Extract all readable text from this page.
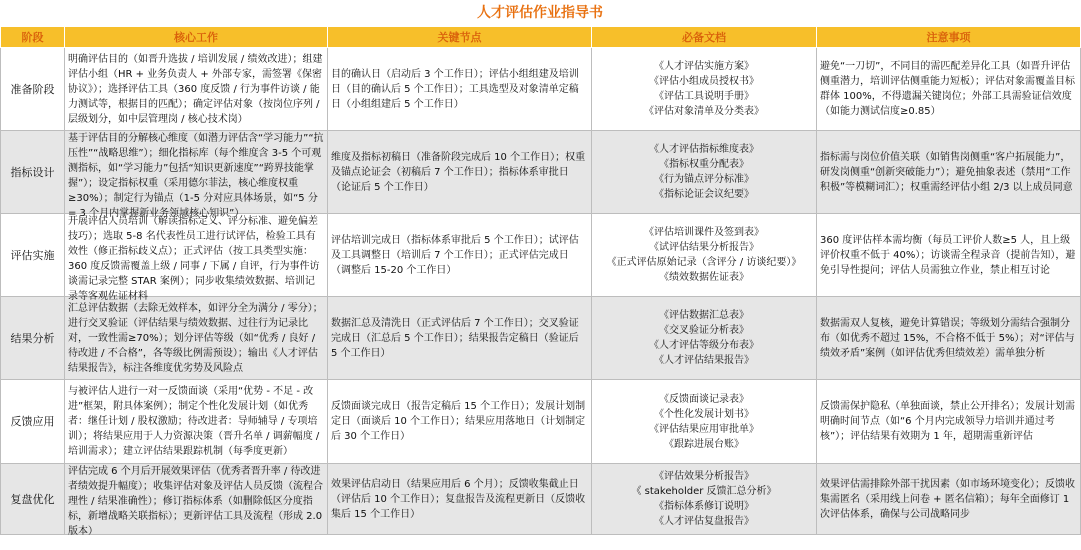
人才评估作业指导书
阶段	核心工作	关键节点	必备文档	注意事项
准备阶段	明确评估目的（如晋升选拔 / 培训发展 / 绩效改进）；组建评估小组（HR + 业务负责人 + 外部专家，需签署《保密协议》）；选择评估工具（360 度反馈 / 行为事件访谈 / 能力测试等，根据目的匹配）；确定评估对象（按岗位序列 / 层级划分，如中层管理岗 / 核心技术岗）	目的确认日（启动后 3 个工作日）；评估小组组建及培训日（目的确认后 5 个工作日）；工具选型及对象清单定稿日（小组组建后 5 个工作日）	《人才评估实施方案》
《评估小组成员授权书》
《评估工具说明手册》
《评估对象清单及分类表》	避免“一刀切”，不同目的需匹配差异化工具（如晋升评估侧重潜力，培训评估侧重能力短板）；评估对象需覆盖目标群体 100%，不得遗漏关键岗位；外部工具需验证信效度（如能力测试信度≥0.85）

指标设计	基于评估目的分解核心维度（如潜力评估含“学习能力”“抗压性”“战略思维”）；细化指标库（每个维度含 3-5 个可观测指标，如“学习能力”包括“知识更新速度”“跨界技能掌握”）；设定指标权重（采用德尔菲法，核心维度权重≥30%）；制定行为锚点（1-5 分对应具体场景，如“5 分 = 3 个月内掌握新业务领域核心知识”）	维度及指标初稿日（准备阶段完成后 10 个工作日）；权重及锚点论证会（初稿后 7 个工作日）；指标体系审批日（论证后 5 个工作日）	《人才评估指标维度表》
《指标权重分配表》
《行为锚点评分标准》
《指标论证会议纪要》	指标需与岗位价值关联（如销售岗侧重“客户拓展能力”，研发岗侧重“创新突破能力”）；避免抽象表述（禁用“工作积极”等模糊词汇）；权重需经评估小组 2/3 以上成员同意

评估实施	开展评估人员培训（解读指标定义、评分标准、避免偏差技巧）；选取 5-8 名代表性员工进行试评估，检验工具有效性（修正指标歧义点）；正式评估（按工具类型实施：360 度反馈需覆盖上级 / 同事 / 下属 / 自评，行为事件访谈需记录完整 STAR 案例）；同步收集绩效数据、培训记录等客观佐证材料	评估培训完成日（指标体系审批后 5 个工作日）；试评估及工具调整日（培训后 7 个工作日）；正式评估完成日（调整后 15-20 个工作日）	《评估培训课件及签到表》
《试评估结果分析报告》
《正式评估原始记录（含评分 / 访谈纪要）》
《绩效数据佐证表》	360 度评估样本需均衡（每员工评价人数≥5 人，且上级评价权重不低于 40%）；访谈需全程录音（提前告知），避免引导性提问；评估人员需独立作业，禁止相互讨论

结果分析	汇总评估数据（去除无效样本，如评分全为满分 / 零分）；进行交叉验证（评估结果与绩效数据、过往行为记录比对，一致性需≥70%）；划分评估等级（如“优秀 / 良好 / 待改进 / 不合格”，各等级比例需预设）；输出《人才评估结果报告》，标注各维度优劣势及风险点	数据汇总及清洗日（正式评估后 7 个工作日）；交叉验证完成日（汇总后 5 个工作日）；结果报告定稿日（验证后 5 个工作日）	《评估数据汇总表》
《交叉验证分析表》
《人才评估等级分布表》
《人才评估结果报告》	数据需双人复核，避免计算错误；等级划分需结合强制分布（如优秀不超过 15%，不合格不低于 5%）；对“评估与绩效矛盾”案例（如评估优秀但绩效差）需单独分析

反馈应用	与被评估人进行一对一反馈面谈（采用“优势 - 不足 - 改进”框架，附具体案例）；制定个性化发展计划（如优秀者：继任计划 / 股权激励；待改进者：导师辅导 / 专项培训）；将结果应用于人力资源决策（晋升名单 / 调薪幅度 / 培训需求）；建立评估结果跟踪机制（每季度更新）	反馈面谈完成日（报告定稿后 15 个工作日）；发展计划制定日（面谈后 10 个工作日）；结果应用落地日（计划制定后 30 个工作日）	《反馈面谈记录表》
《个性化发展计划书》
《评估结果应用审批单》
《跟踪进展台账》	反馈需保护隐私（单独面谈，禁止公开排名）；发展计划需明确时间节点（如“6 个月内完成领导力培训并通过考核”）；评估结果有效期为 1 年，超期需重新评估

复盘优化	评估完成 6 个月后开展效果评估（优秀者晋升率 / 待改进者绩效提升幅度）；收集评估对象及评估人员反馈（流程合理性 / 结果准确性）；修订指标体系（如删除低区分度指标，新增战略关联指标）；更新评估工具及流程（形成 2.0 版本）	效果评估启动日（结果应用后 6 个月）；反馈收集截止日（评估后 10 个工作日）；复盘报告及流程更新日（反馈收集后 15 个工作日）	《评估效果分析报告》
《 stakeholder 反馈汇总分析》
《指标体系修订说明》
《人才评估复盘报告》	效果评估需排除外部干扰因素（如市场环境变化）；反馈收集需匿名（采用线上问卷 + 匿名信箱）；每年全面修订 1 次评估体系，确保与公司战略同步
